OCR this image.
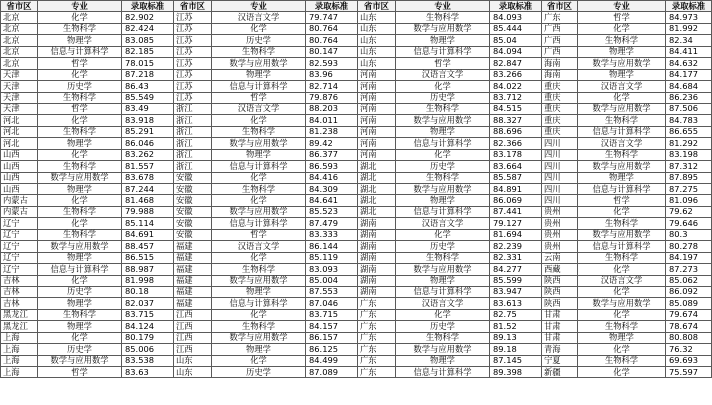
省市区	专业	录取标准	省市区	专业	录取标准	省市区	专业	录取标准	省市区	专业	录取标准
北京	化学	82.902	江苏	汉语言文学	79.747	山东	生物科学	84.093	广东	哲学	84.973
北京	生物科学	82.424	江苏	化学	80.764	山东	数学与应用数学	85.444	广西	化学	81.992
北京	物理学	83.085	江苏	历史学	80.764	山东	物理学	85.04	广西	生物科学	82.34
北京	信息与计算科学	82.185	江苏	生物科学	80.147	山东	信息与计算科学	84.094	广西	物理学	84.411
北京	哲学	78.015	江苏	数学与应用数学	82.593	山东	哲学	82.847	海南	数学与应用数学	84.632
天津	化学	87.218	江苏	物理学	83.96	河南	汉语言文学	83.266	海南	物理学	84.177
天津	历史学	86.43	江苏	信息与计算科学	82.714	河南	化学	84.022	重庆	汉语言文学	84.684
天津	生物科学	85.549	江苏	哲学	79.876	河南	历史学	83.712	重庆	化学	86.236
天津	哲学	83.49	浙江	汉语言文学	88.203	河南	生物科学	84.515	重庆	数学与应用数学	87.506
河北	化学	83.918	浙江	化学	84.011	河南	数学与应用数学	88.327	重庆	生物科学	84.783
河北	生物科学	85.291	浙江	生物科学	81.238	河南	物理学	88.696	重庆	信息与计算科学	86.655
河北	物理学	86.046	浙江	数学与应用数学	89.42	河南	信息与计算科学	82.366	四川	汉语言文学	81.292
山西	化学	83.262	浙江	物理学	86.377	河南	化学	83.178	四川	生物科学	83.198
山西	生物科学	81.557	浙江	信息与计算科学	86.593	湖北	历史学	83.664	四川	数学与应用数学	87.312
山西	数学与应用数学	83.678	安徽	化学	84.416	湖北	生物科学	85.587	四川	物理学	87.895
山西	物理学	87.244	安徽	生物科学	84.309	湖北	数学与应用数学	84.891	四川	信息与计算科学	87.275
内蒙古	化学	81.468	安徽	化学	84.641	湖北	物理学	86.069	四川	哲学	81.096
内蒙古	生物科学	79.988	安徽	数学与应用数学	85.523	湖北	信息与计算科学	87.441	贵州	化学	79.62
辽宁	化学	85.114	安徽	信息与计算科学	87.479	湖南	汉语言文学	79.127	贵州	生物科学	79.646
辽宁	生物科学	84.691	安徽	哲学	83.333	湖南	化学	81.694	贵州	数学与应用数学	80.3
辽宁	数学与应用数学	88.457	福建	汉语言文学	86.144	湖南	历史学	82.239	贵州	信息与计算科学	80.278
辽宁	物理学	86.515	福建	化学	85.119	湖南	生物科学	82.331	云南	生物科学	84.197
辽宁	信息与计算科学	88.987	福建	生物科学	83.093	湖南	数学与应用数学	84.277	西藏	化学	87.273
吉林	化学	81.998	福建	数学与应用数学	85.004	湖南	物理学	85.599	陕西	汉语言文学	85.062
吉林	历史学	80.18	福建	物理学	87.553	湖南	信息与计算科学	83.947	陕西	化学	86.092
吉林	物理学	82.037	福建	信息与计算科学	87.046	广东	汉语言文学	83.613	陕西	数学与应用数学	85.089
黑龙江	生物科学	83.715	江西	化学	83.715	广东	化学	82.75	甘肃	化学	79.674
黑龙江	物理学	84.124	江西	生物科学	84.157	广东	历史学	81.52	甘肃	生物科学	78.674
上海	化学	80.179	江西	数学与应用数学	86.157	广东	生物科学	89.13	甘肃	物理学	80.808
上海	历史学	85.006	江西	物理学	86.125	广东	数学与应用数学	89.18	青海	化学	76.32
上海	数学与应用数学	83.538	山东	化学	84.499	广东	物理学	87.145	宁夏	生物科学	69.693
上海	哲学	83.63	山东	历史学	87.089	广东	信息与计算科学	89.398	新疆	化学	75.597
